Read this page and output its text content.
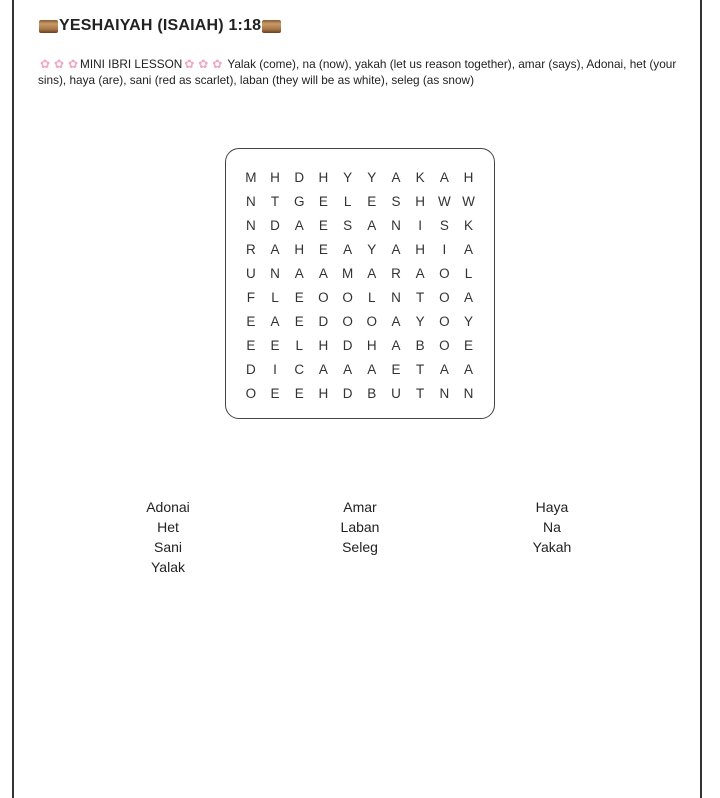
YESHAIYAH (ISAIAH) 1:18
✿ ✿ ✿ MINI IBRI LESSON ✿ ✿ ✿ Yalak (come), na (now), yakah (let us reason together), amar (says), Adonai, het (your sins), haya (are), sani (red as scarlet), laban (they will be as white), seleg (as snow)
M	H	D	H	Y	Y	A	K	A	H
N	T	G	E	L	E	S	H	W	W
N	D	A	E	S	A	N	I	S	K
R	A	H	E	A	Y	A	H	I	A
U	N	A	A	M	A	R	A	O	L
F	L	E	O	O	L	N	T	O	A
E	A	E	D	O	O	A	Y	O	Y
E	E	L	H	D	H	A	B	O	E
D	I	C	A	A	A	E	T	A	A
O	E	E	H	D	B	U	T	N	N
Adonai
Het
Sani
Yalak
Amar
Laban
Seleg
Haya
Na
Yakah
